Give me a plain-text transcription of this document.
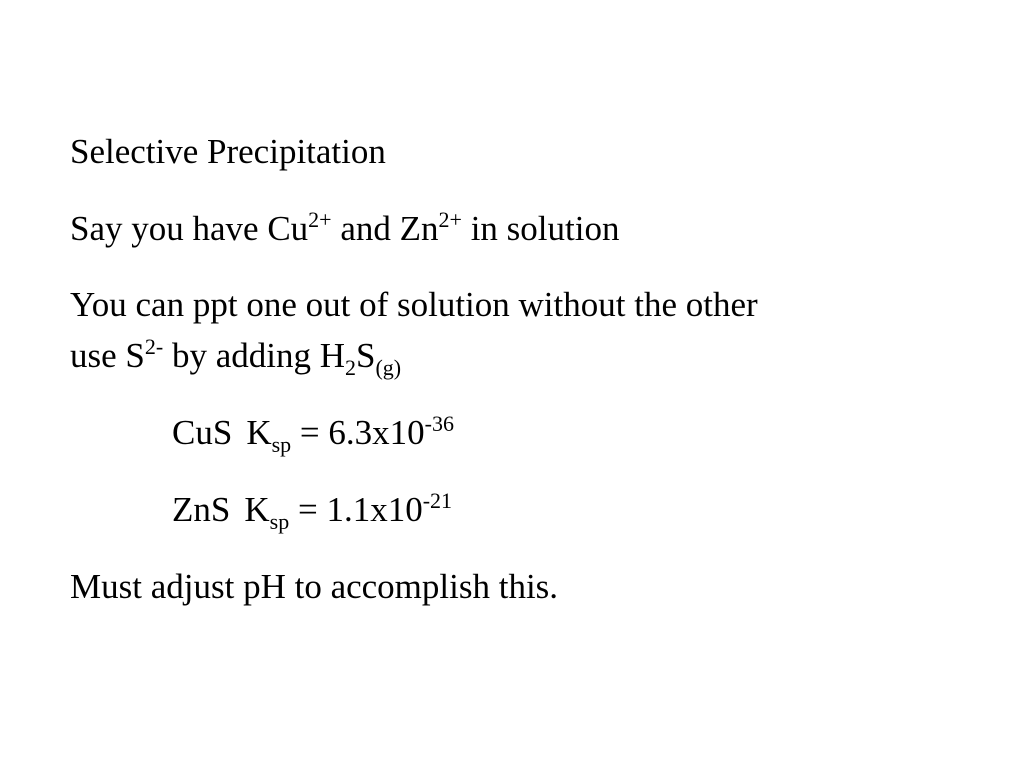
Selective Precipitation
Say you have $Cu^{2+}$ and $Zn^{2+}$ in solution
You can ppt one out of solution without the other
use $S^{2-}$ by adding $H_2S_{(g)}$
CuS $K_{sp} = 6.3x10^{-36}$
ZnS $K_{sp} = 1.1x10^{-21}$
Must adjust pH to accomplish this.
